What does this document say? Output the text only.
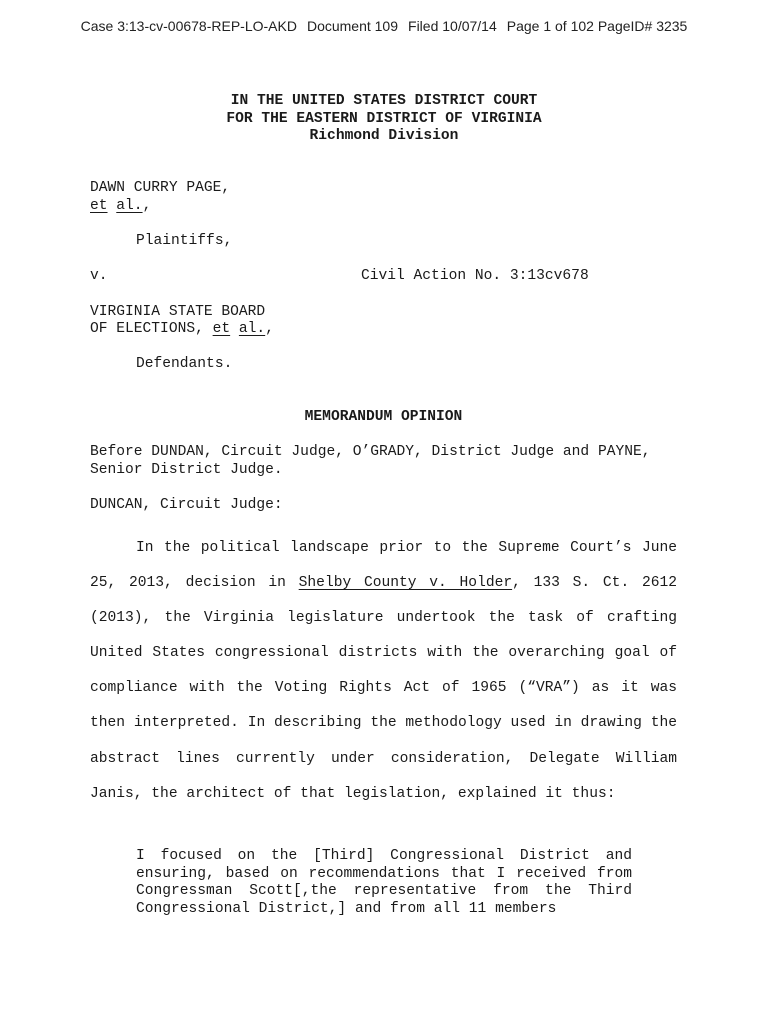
Case 3:13-cv-00678-REP-LO-AKD Document 109 Filed 10/07/14 Page 1 of 102 PageID# 3235
IN THE UNITED STATES DISTRICT COURT
FOR THE EASTERN DISTRICT OF VIRGINIA
Richmond Division
DAWN CURRY PAGE,
et al.,
Plaintiffs,
v.	Civil Action No. 3:13cv678
VIRGINIA STATE BOARD
OF ELECTIONS, et al.,
Defendants.
MEMORANDUM OPINION
Before DUNDAN, Circuit Judge, O’GRADY, District Judge and PAYNE, Senior District Judge.
DUNCAN, Circuit Judge:
In the political landscape prior to the Supreme Court’s June 25, 2013, decision in Shelby County v. Holder, 133 S. Ct. 2612 (2013), the Virginia legislature undertook the task of crafting United States congressional districts with the overarching goal of compliance with the Voting Rights Act of 1965 (“VRA”) as it was then interpreted. In describing the methodology used in drawing the abstract lines currently under consideration, Delegate William Janis, the architect of that legislation, explained it thus:
I focused on the [Third] Congressional District and ensuring, based on recommendations that I received from Congressman Scott[,the representative from the Third Congressional District,] and from all 11 members
